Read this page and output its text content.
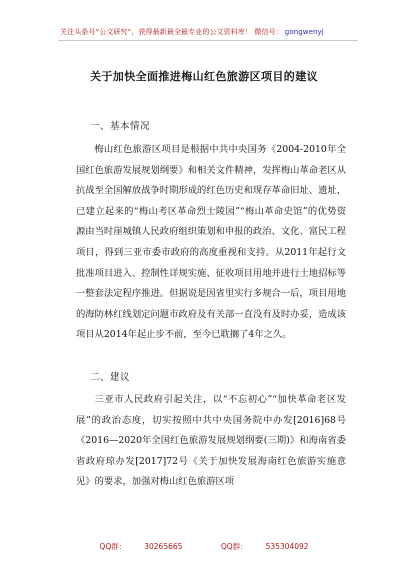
关注头条号“公文研究”，获得最新最全最专业的公文资料库！ 微信号： gongwenyj
关于加快全面推进梅山红色旅游区项目的建议
一、基本情况
梅山红色旅游区项目是根据中共中央国务《2004-2010年全国红色旅游发展规划纲要》和相关文件精神，发挥梅山革命老区从抗战至全国解放战争时期形成的红色历史和现存革命旧址、遗址，已建立起来的“梅山考区革命烈士陵园”“梅山革命史馆”的优势资源由当时崖城镇人民政府组织策划和申报的政治、文化、富民工程项目，得到三亚市委市政府的高度重视和支持。从2011年起行文批准项目进入、控制性详规实施、征收项目用地并进行土地招标等一整套法定程序推进。但据说是因省里实行多规合一后，项目用地的海防林红线划定问题市政府及有关部一直没有及时办妥，造成该项目从2014年起止步不前，至今已耽搁了4年之久。
二、建议
三亚市人民政府引起关注，以“不忘初心”“加快革命老区发展”的政治态度，切实按照中共中央国务院中办发[2016]68号《2016—2020年全国红色旅游发展规划纲要(三期)》和海南省委省政府琼办发[2017]72号《关于加快发展海南红色旅游实施意见》的要求，加强对梅山红色旅游区项
QQ群： 30265665	QQ群： 535304092
